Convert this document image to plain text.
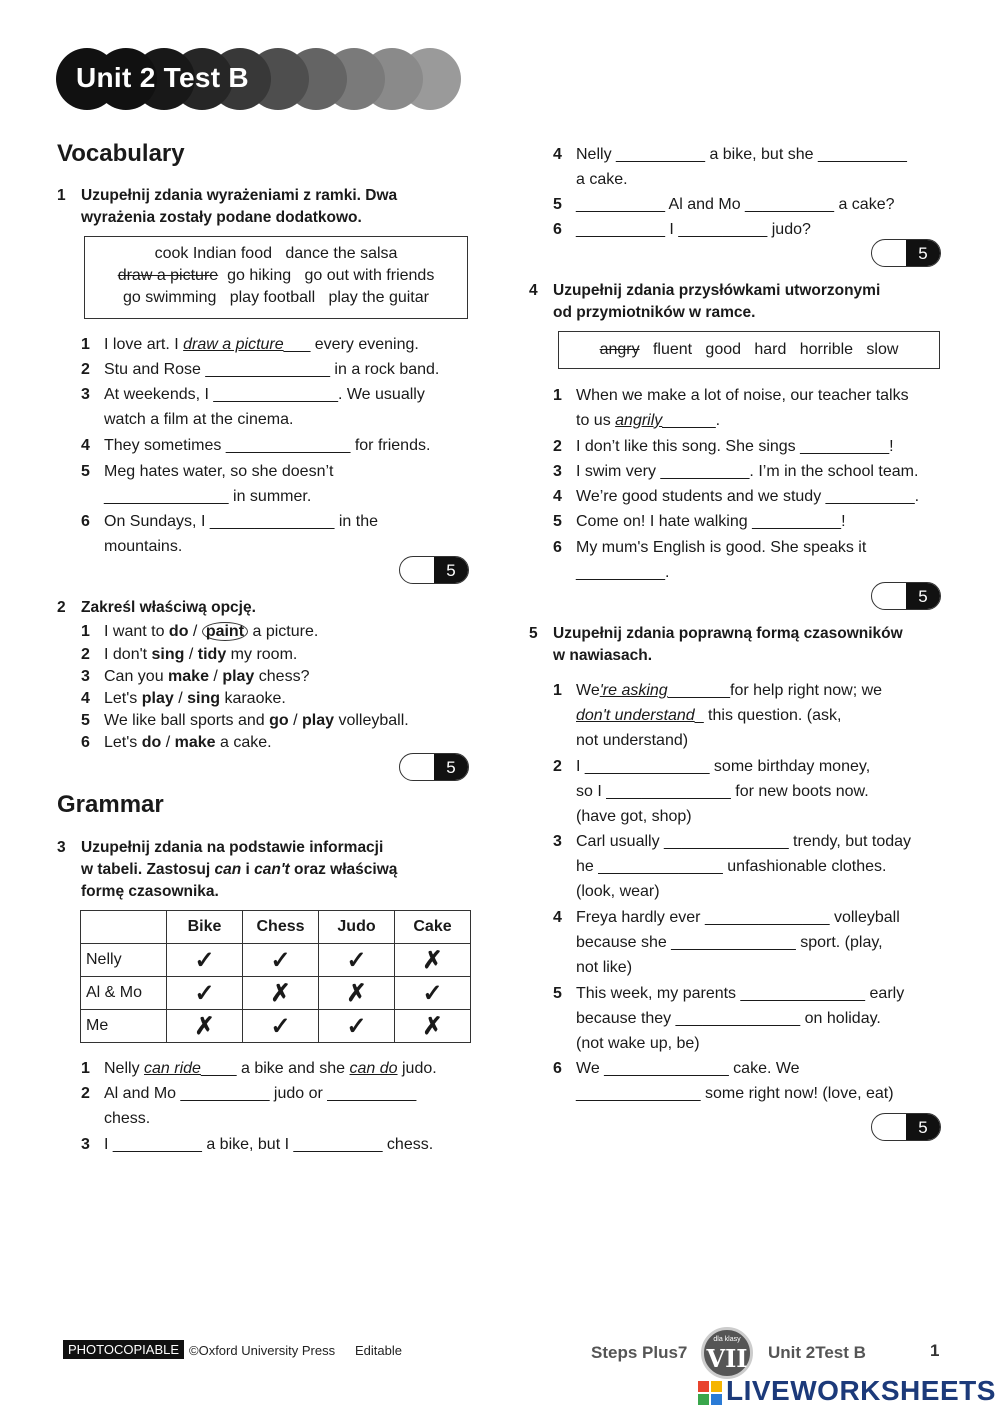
Unit 2 Test B
Vocabulary
1 Uzupełnij zdania wyrażeniami z ramki. Dwa
wyrażenia zostały podane dodatkowo.
cook Indian food   dance the salsa
draw a picture  go hiking   go out with friends
go swimming   play football   play the guitar
1 I love art. I draw a picture___ every evening.
2 Stu and Rose ______________ in a rock band.
3 At weekends, I ______________. We usually
watch a film at the cinema.
4 They sometimes ______________ for friends.
5 Meg hates water, so she doesn’t
______________ in summer.
6 On Sundays, I ______________ in the
mountains.
5
2 Zakreśl właściwą opcję.
1 I want to do / paint a picture.
2 I don't sing / tidy my room.
3 Can you make / play chess?
4 Let's play / sing karaoke.
5 We like ball sports and go / play volleyball.
6 Let's do / make a cake.
5
Grammar
3 Uzupełnij zdania na podstawie informacji
w tabeli. Zastosuj can i can't oraz właściwą
formę czasownika.
	Bike	Chess	Judo	Cake
Nelly	✓	✓	✓	✗
Al & Mo	✓	✗	✗	✓
Me	✗	✓	✓	✗
1 Nelly can ride____ a bike and she can do judo.
2 Al and Mo __________ judo or __________
chess.
3 I __________ a bike, but I __________ chess.
4 Nelly __________ a bike, but she __________
a cake.
5 __________ Al and Mo __________ a cake?
6 __________ I __________ judo?
5
4 Uzupełnij zdania przysłówkami utworzonymi
od przymiotników w ramce.
angry   fluent   good   hard   horrible   slow
1 When we make a lot of noise, our teacher talks
to us angrily______.
2 I don’t like this song. She sings __________!
3 I swim very __________. I’m in the school team.
4 We’re good students and we study __________.
5 Come on! I hate walking __________!
6 My mum's English is good. She speaks it
__________.
5
5 Uzupełnij zdania poprawną formą czasowników
w nawiasach.
1 We're asking_______for help right now; we
don't understand_ this question. (ask,
not understand)
2 I ______________ some birthday money,
so I ______________ for new boots now.
(have got, shop)
3 Carl usually ______________ trendy, but today
he ______________ unfashionable clothes.
(look, wear)
4 Freya hardly ever ______________ volleyball
because she ______________ sport. (play,
not like)
5 This week, my parents ______________ early
because they ______________ on holiday.
(not wake up, be)
6 We ______________ cake. We
______________ some right now! (love, eat)
5
PHOTOCOPIABLE ©Oxford University Press Editable	Steps Plus7
dla klasy
VII Unit 2Test B	1
LIVEWORKSHEETS
